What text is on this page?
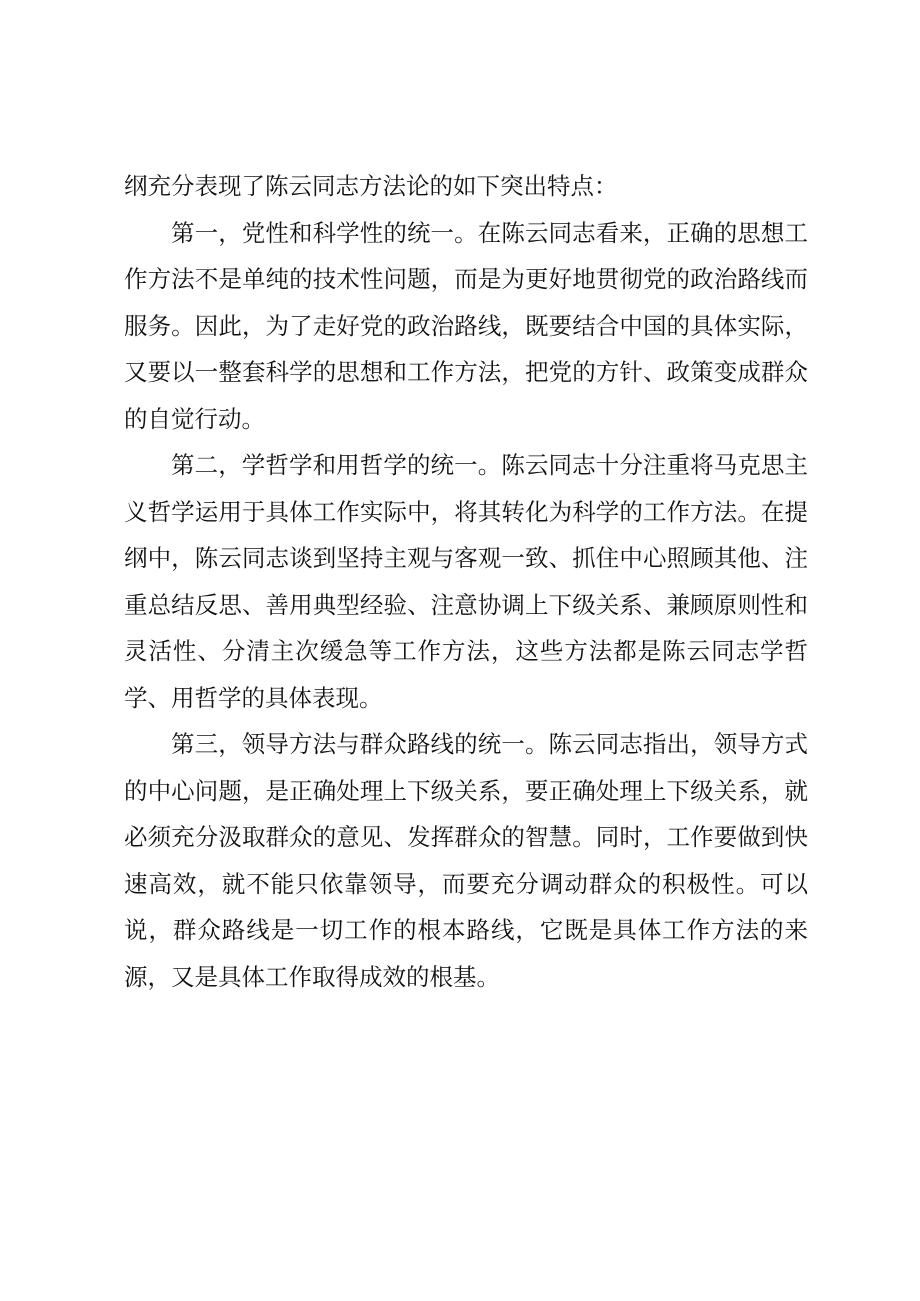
纲充分表现了陈云同志方法论的如下突出特点：

第一，党性和科学性的统一。在陈云同志看来，正确的思想工作方法不是单纯的技术性问题，而是为更好地贯彻党的政治路线而服务。因此，为了走好党的政治路线，既要结合中国的具体实际，又要以一整套科学的思想和工作方法，把党的方针、政策变成群众的自觉行动。

第二，学哲学和用哲学的统一。陈云同志十分注重将马克思主义哲学运用于具体工作实际中，将其转化为科学的工作方法。在提纲中，陈云同志谈到坚持主观与客观一致、抓住中心照顾其他、注重总结反思、善用典型经验、注意协调上下级关系、兼顾原则性和灵活性、分清主次缓急等工作方法，这些方法都是陈云同志学哲学、用哲学的具体表现。

第三，领导方法与群众路线的统一。陈云同志指出，领导方式的中心问题，是正确处理上下级关系，要正确处理上下级关系，就必须充分汲取群众的意见、发挥群众的智慧。同时，工作要做到快速高效，就不能只依靠领导，而要充分调动群众的积极性。可以说，群众路线是一切工作的根本路线，它既是具体工作方法的来源，又是具体工作取得成效的根基。
